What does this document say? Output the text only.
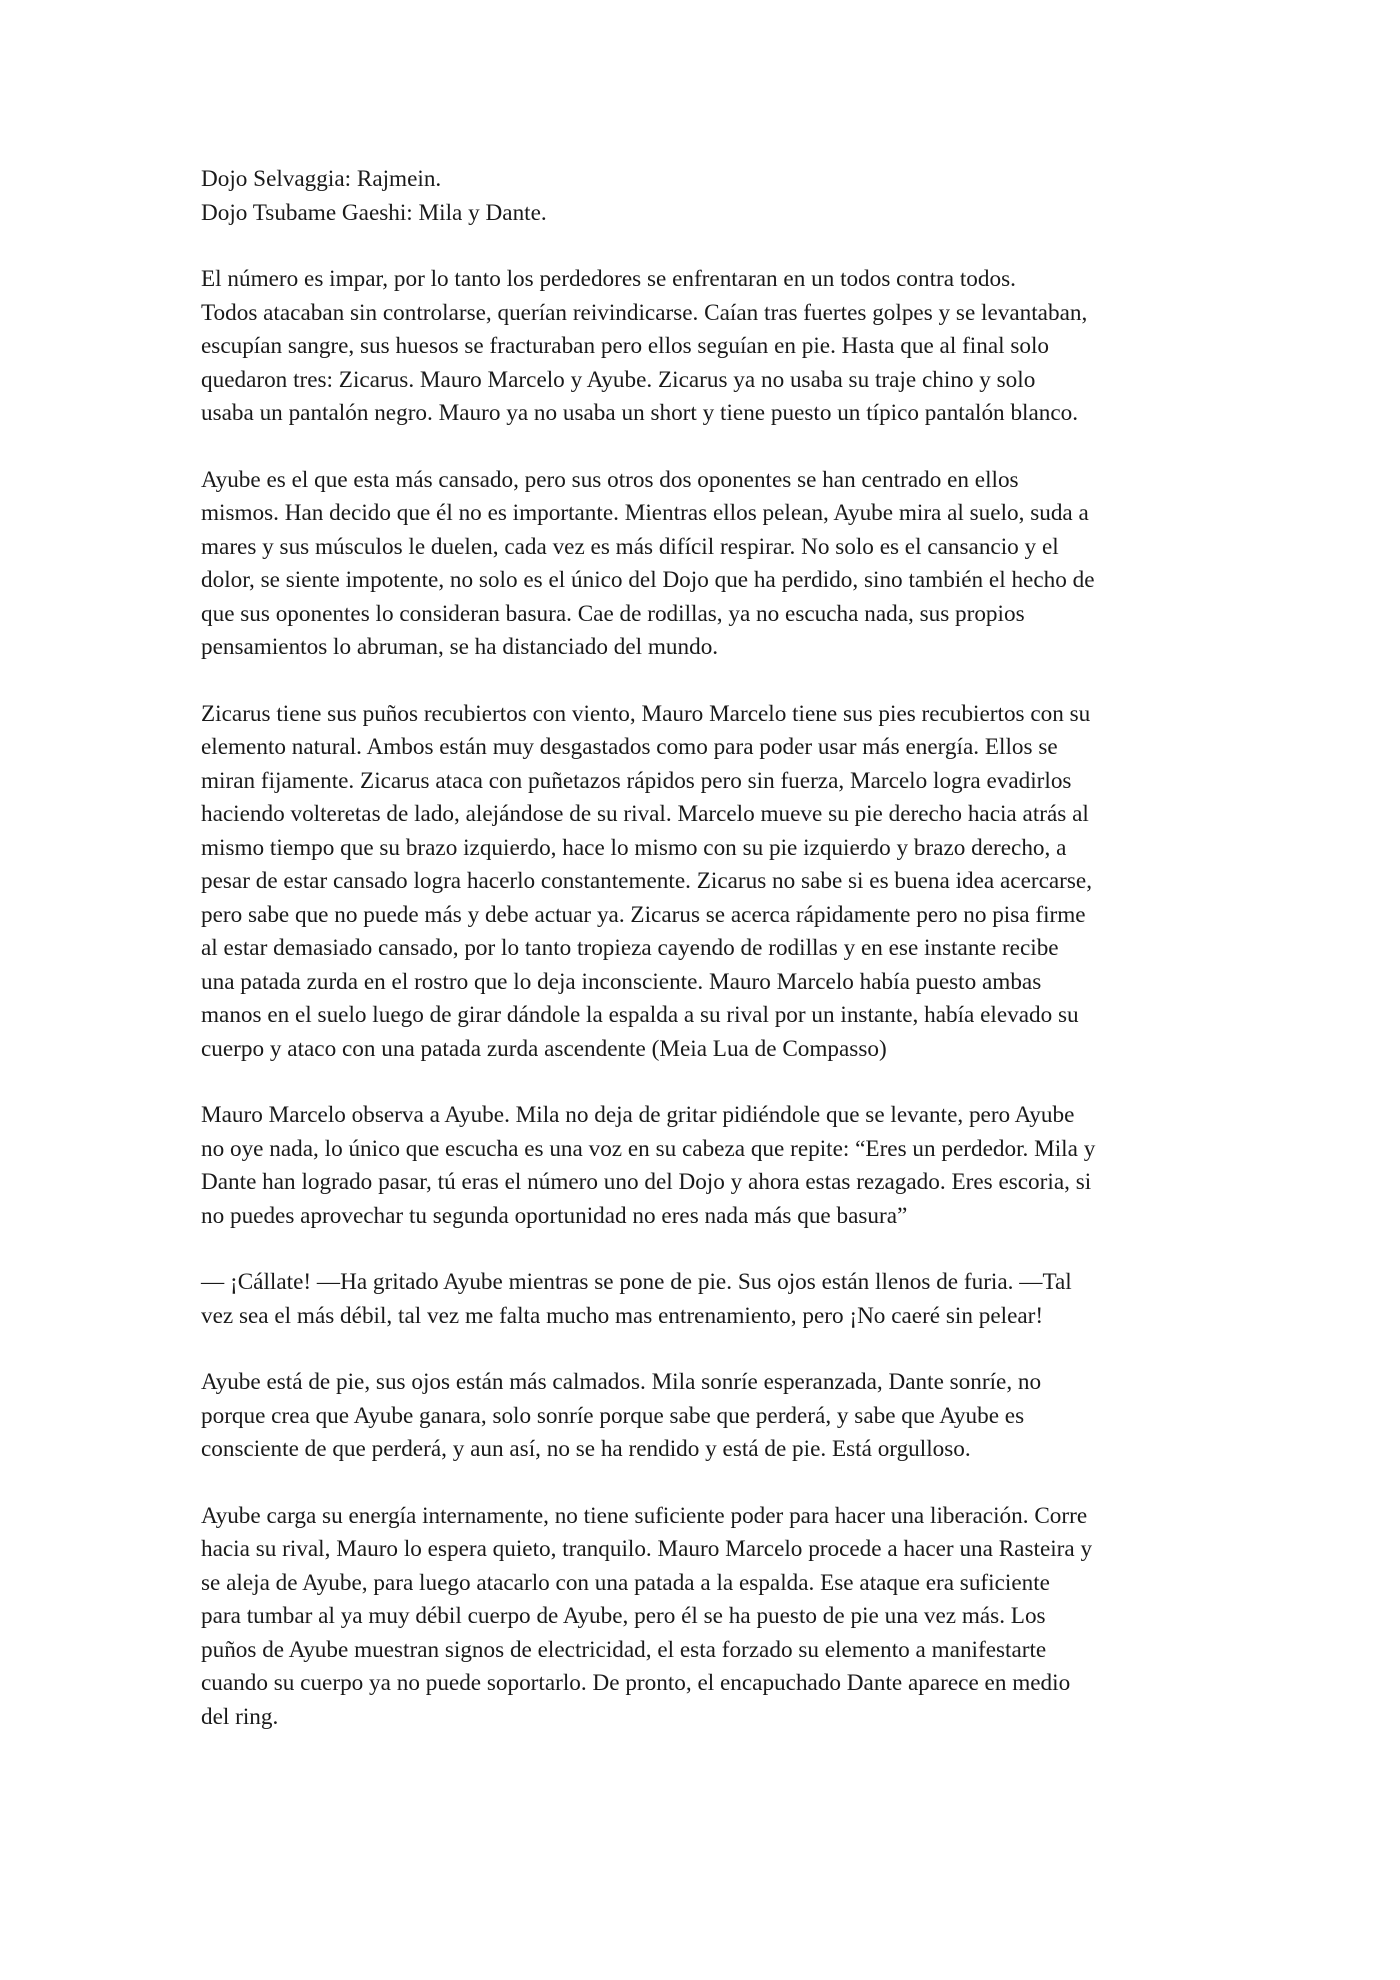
Dojo Selvaggia: Rajmein.

Dojo Tsubame Gaeshi: Mila y Dante.

El número es impar, por lo tanto los perdedores se enfrentaran en un todos contra todos.
Todos atacaban sin controlarse, querían reivindicarse. Caían tras fuertes golpes y se levantaban,
escupían sangre, sus huesos se fracturaban pero ellos seguían en pie. Hasta que al final solo
quedaron tres: Zicarus. Mauro Marcelo y Ayube. Zicarus ya no usaba su traje chino y solo
usaba un pantalón negro. Mauro ya no usaba un short y tiene puesto un típico pantalón blanco.

Ayube es el que esta más cansado, pero sus otros dos oponentes se han centrado en ellos
mismos. Han decido que él no es importante. Mientras ellos pelean, Ayube mira al suelo, suda a
mares y sus músculos le duelen, cada vez es más difícil respirar. No solo es el cansancio y el
dolor, se siente impotente, no solo es el único del Dojo que ha perdido, sino también el hecho de
que sus oponentes lo consideran basura. Cae de rodillas, ya no escucha nada, sus propios
pensamientos lo abruman, se ha distanciado del mundo.

Zicarus tiene sus puños recubiertos con viento, Mauro Marcelo tiene sus pies recubiertos con su
elemento natural. Ambos están muy desgastados como para poder usar más energía. Ellos se
miran fijamente. Zicarus ataca con puñetazos rápidos pero sin fuerza, Marcelo logra evadirlos
haciendo volteretas de lado, alejándose de su rival. Marcelo mueve su pie derecho hacia atrás al
mismo tiempo que su brazo izquierdo, hace lo mismo con su pie izquierdo y brazo derecho, a
pesar de estar cansado logra hacerlo constantemente. Zicarus no sabe si es buena idea acercarse,
pero sabe que no puede más y debe actuar ya. Zicarus se acerca rápidamente pero no pisa firme
al estar demasiado cansado, por lo tanto tropieza cayendo de rodillas y en ese instante recibe
una patada zurda en el rostro que lo deja inconsciente. Mauro Marcelo había puesto ambas
manos en el suelo luego de girar dándole la espalda a su rival por un instante, había elevado su
cuerpo y ataco con una patada zurda ascendente (Meia Lua de Compasso)

Mauro Marcelo observa a Ayube. Mila no deja de gritar pidiéndole que se levante, pero Ayube
no oye nada, lo único que escucha es una voz en su cabeza que repite: “Eres un perdedor. Mila y
Dante han logrado pasar, tú eras el número uno del Dojo y ahora estas rezagado. Eres escoria, si
no puedes aprovechar tu segunda oportunidad no eres nada más que basura”

— ¡Cállate! —Ha gritado Ayube mientras se pone de pie. Sus ojos están llenos de furia. —Tal
vez sea el más débil, tal vez me falta mucho mas entrenamiento, pero ¡No caeré sin pelear!

Ayube está de pie, sus ojos están más calmados. Mila sonríe esperanzada, Dante sonríe, no
porque crea que Ayube ganara, solo sonríe porque sabe que perderá, y sabe que Ayube es
consciente de que perderá, y aun así, no se ha rendido y está de pie. Está orgulloso.

Ayube carga su energía internamente, no tiene suficiente poder para hacer una liberación. Corre
hacia su rival, Mauro lo espera quieto, tranquilo. Mauro Marcelo procede a hacer una Rasteira y
se aleja de Ayube, para luego atacarlo con una patada a la espalda. Ese ataque era suficiente
para tumbar al ya muy débil cuerpo de Ayube, pero él se ha puesto de pie una vez más. Los
puños de Ayube muestran signos de electricidad, el esta forzado su elemento a manifestarte
cuando su cuerpo ya no puede soportarlo. De pronto, el encapuchado Dante aparece en medio
del ring.
